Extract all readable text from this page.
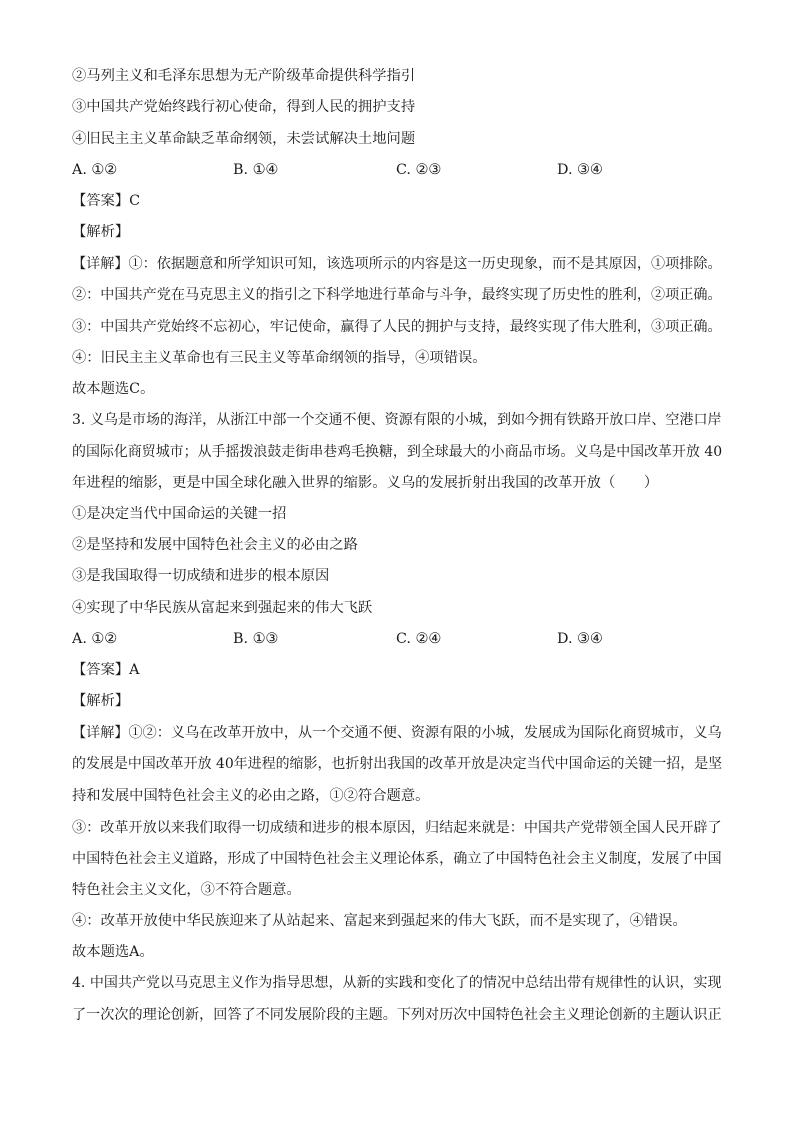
②马列主义和毛泽东思想为无产阶级革命提供科学指引
③中国共产党始终践行初心使命，得到人民的拥护支持
④旧民主主义革命缺乏革命纲领，未尝试解决土地问题
A. ①②	B. ①④	C. ②③	D. ③④
【答案】C
【解析】
【详解】①：依据题意和所学知识可知，该选项所示的内容是这一历史现象，而不是其原因，①项排除。
②：中国共产党在马克思主义的指引之下科学地进行革命与斗争，最终实现了历史性的胜利，②项正确。
③：中国共产党始终不忘初心，牢记使命，赢得了人民的拥护与支持，最终实现了伟大胜利，③项正确。
④：旧民主主义革命也有三民主义等革命纲领的指导，④项错误。
故本题选C。
3. 义乌是市场的海洋，从浙江中部一个交通不便、资源有限的小城，到如今拥有铁路开放口岸、空港口岸
的国际化商贸城市；从手摇拨浪鼓走街串巷鸡毛换糖，到全球最大的小商品市场。义乌是中国改革开放 40
年进程的缩影，更是中国全球化融入世界的缩影。义乌的发展折射出我国的改革开放（　　）
①是决定当代中国命运的关键一招
②是坚持和发展中国特色社会主义的必由之路
③是我国取得一切成绩和进步的根本原因
④实现了中华民族从富起来到强起来的伟大飞跃
A. ①②	B. ①③	C. ②④	D. ③④
【答案】A
【解析】
【详解】①②：义乌在改革开放中，从一个交通不便、资源有限的小城，发展成为国际化商贸城市，义乌
的发展是中国改革开放 40年进程的缩影，也折射出我国的改革开放是决定当代中国命运的关键一招，是坚
持和发展中国特色社会主义的必由之路，①②符合题意。
③：改革开放以来我们取得一切成绩和进步的根本原因，归结起来就是：中国共产党带领全国人民开辟了
中国特色社会主义道路，形成了中国特色社会主义理论体系，确立了中国特色社会主义制度，发展了中国
特色社会主义文化，③不符合题意。
④：改革开放使中华民族迎来了从站起来、富起来到强起来的伟大飞跃，而不是实现了，④错误。
故本题选A。
4. 中国共产党以马克思主义作为指导思想，从新的实践和变化了的情况中总结出带有规律性的认识，实现
了一次次的理论创新，回答了不同发展阶段的主题。下列对历次中国特色社会主义理论创新的主题认识正
